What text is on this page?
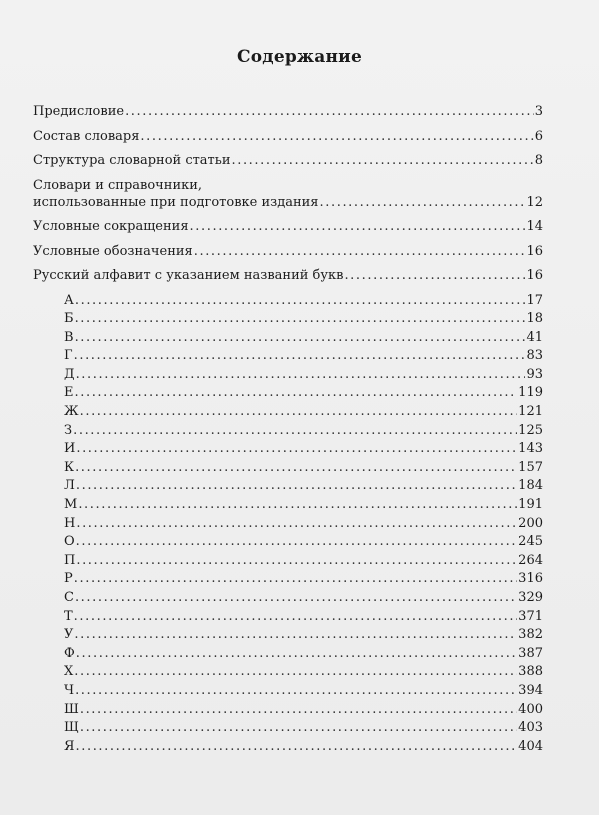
Содержание
Предисловие .....	3
Состав словаря .....	6
Структура словарной статьи .....	8
Словари и справочники,
использованные при подготовке издания .....	12
Условные сокращения .....	14
Условные обозначения .....	16
Русский алфавит с указанием названий букв .....	16
А .....	17
Б .....	18
В .....	41
Г .....	83
Д .....	93
Е .....	119
Ж .....	121
З .....	125
И .....	143
К .....	157
Л .....	184
М .....	191
Н .....	200
О .....	245
П .....	264
Р .....	316
С .....	329
Т .....	371
У .....	382
Ф .....	387
Х .....	388
Ч .....	394
Ш .....	400
Щ .....	403
Я .....	404
